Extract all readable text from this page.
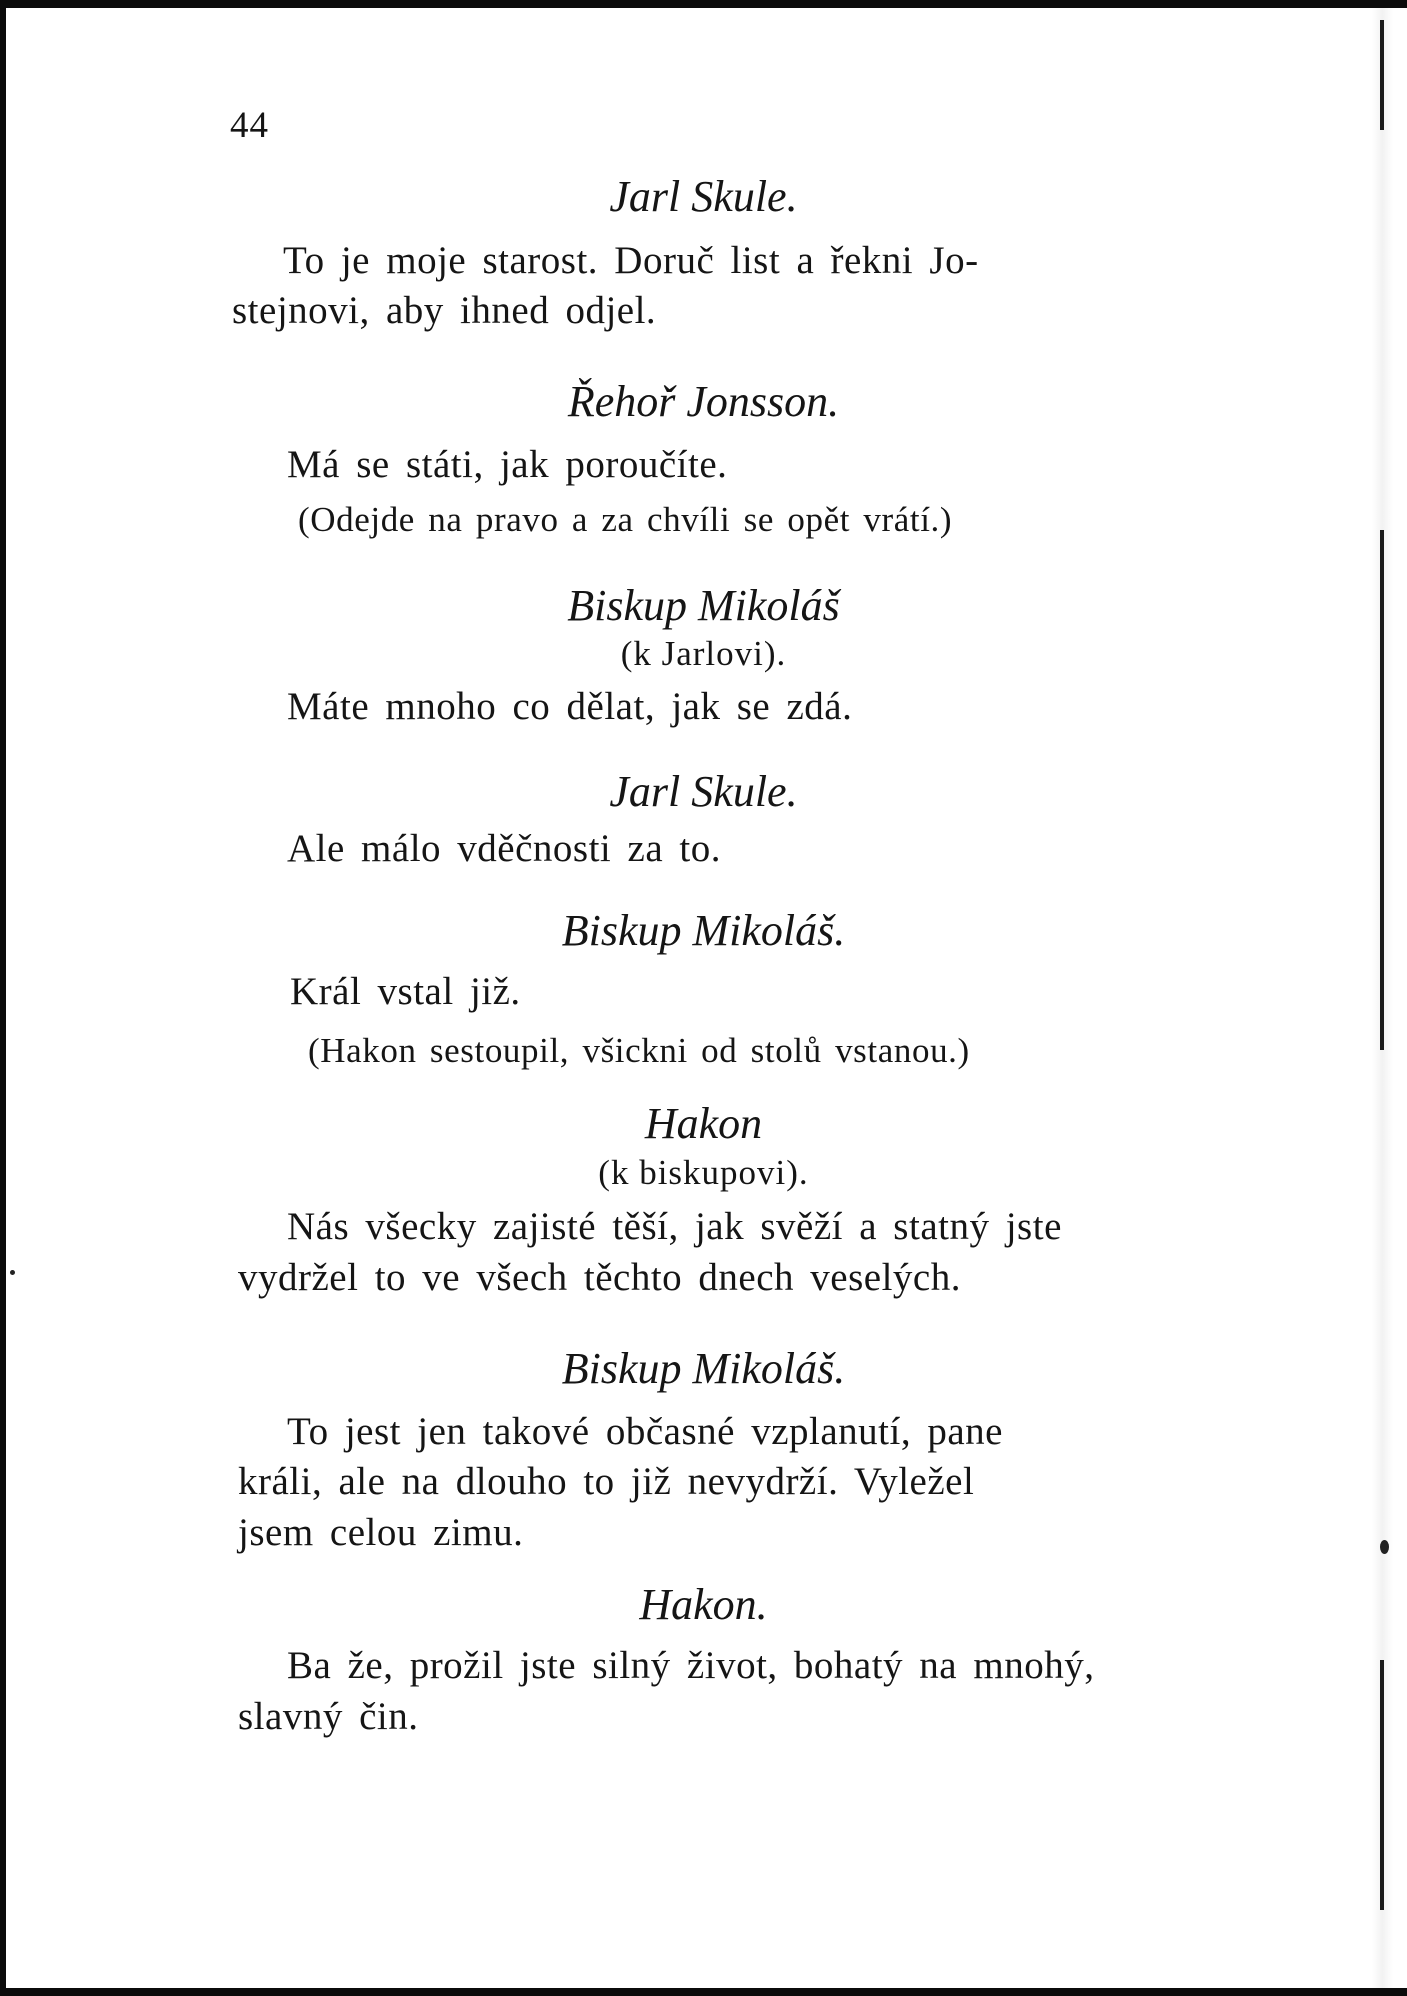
44
Jarl Skule.
To je moje starost. Doruč list a řekni Jo-
stejnovi, aby ihned odjel.
Řehoř Jonsson.
Má se státi, jak poroučíte.
(Odejde na pravo a za chvíli se opět vrátí.)
Biskup Mikoláš
(k Jarlovi).
Máte mnoho co dělat, jak se zdá.
Jarl Skule.
Ale málo vděčnosti za to.
Biskup Mikoláš.
Král vstal již.
(Hakon sestoupil, všickni od stolů vstanou.)
Hakon
(k biskupovi).
Nás všecky zajisté těší, jak svěží a statný jste
vydržel to ve všech těchto dnech veselých.
Biskup Mikoláš.
To jest jen takové občasné vzplanutí, pane
králi, ale na dlouho to již nevydrží. Vyležel
jsem celou zimu.
Hakon.
Ba že, prožil jste silný život, bohatý na mnohý,
slavný čin.
